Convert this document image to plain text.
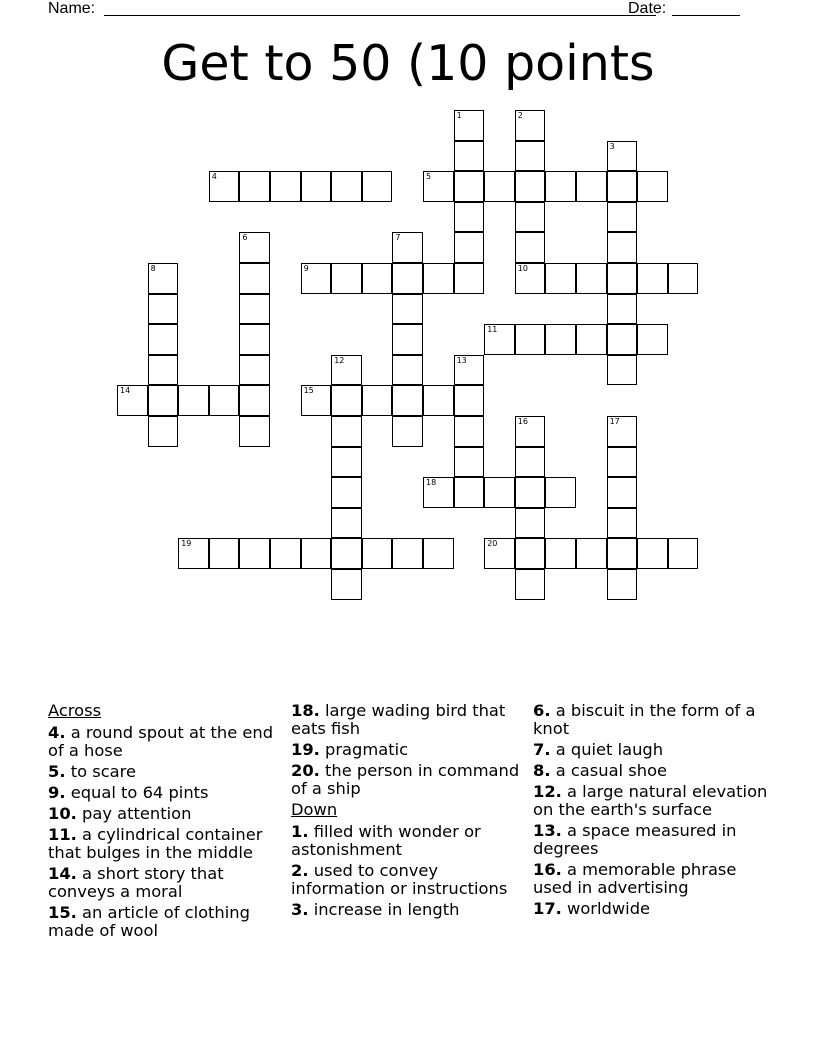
Name:	Date:
Get to 50 (10 points
1	2
10
3
4	5
6	7
8	9
11
12	13
14	15
16	17
18
19	20
Across
4. a round spout at the end of a hose
5. to scare
9. equal to 64 pints
10. pay attention
11. a cylindrical container that bulges in the middle
14. a short story that conveys a moral
15. an article of clothing made of wool
18. large wading bird that eats fish
19. pragmatic
20. the person in command of a ship
Down
1. filled with wonder or astonishment
2. used to convey information or instructions
3. increase in length
6. a biscuit in the form of a knot
7. a quiet laugh
8. a casual shoe
12. a large natural elevation on the earth's surface
13. a space measured in degrees
16. a memorable phrase used in advertising
17. worldwide
